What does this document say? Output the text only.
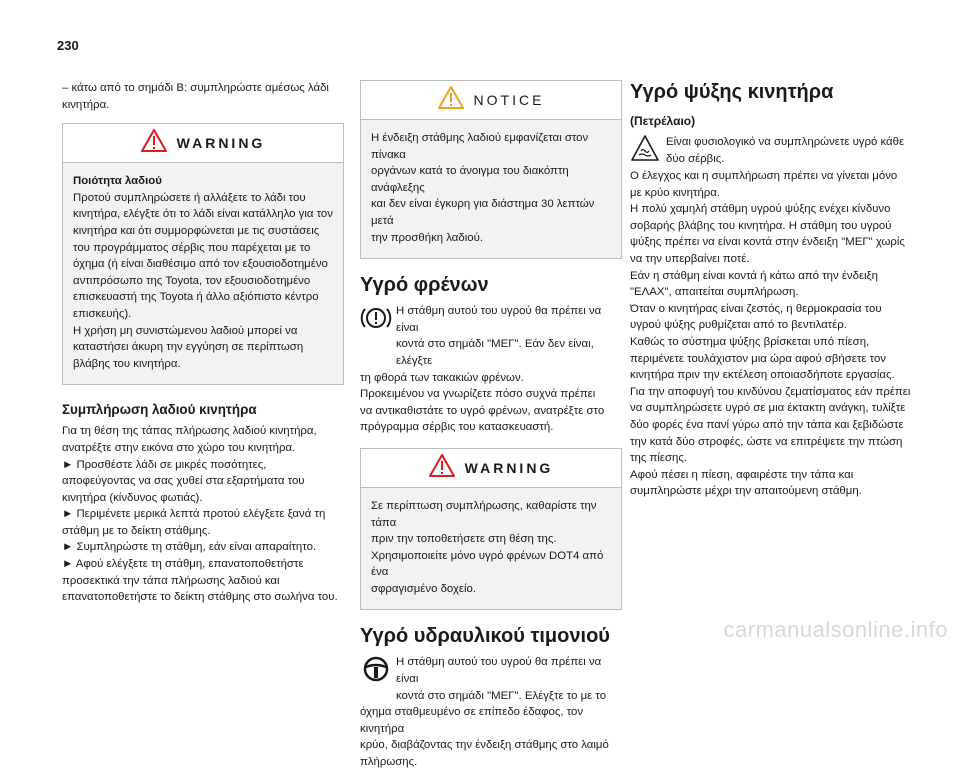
230
– κάτω από το σημάδι B: συμπληρώστε αμέσως λάδι
κινητήρα.
WARNING

Ποιότητα λαδιού

Προτού συμπληρώσετε ή αλλάξετε το λάδι του
κινητήρα, ελέγξτε ότι το λάδι είναι κατάλληλο για τον
κινητήρα και ότι συμμορφώνεται με τις συστάσεις
του προγράμματος σέρβις που παρέχεται με το
όχημα (ή είναι διαθέσιμο από τον εξουσιοδοτημένο
αντιπρόσωπο της Toyota, τον εξουσιοδοτημένο
επισκευαστή της Toyota ή άλλο αξιόπιστο κέντρο
επισκευής).
Η χρήση μη συνιστώμενου λαδιού μπορεί να
καταστήσει άκυρη την εγγύηση σε περίπτωση
βλάβης του κινητήρα.
Συμπλήρωση λαδιού κινητήρα
Για τη θέση της τάπας πλήρωσης λαδιού κινητήρα,
ανατρέξτε στην εικόνα στο χώρο του κινητήρα.
► Προσθέστε λάδι σε μικρές ποσότητες,
αποφεύγοντας να σας χυθεί στα εξαρτήματα του
κινητήρα (κίνδυνος φωτιάς).
► Περιμένετε μερικά λεπτά προτού ελέγξετε ξανά τη
στάθμη με το δείκτη στάθμης.
► Συμπληρώστε τη στάθμη, εάν είναι απαραίτητο.
► Αφού ελέγξετε τη στάθμη, επανατοποθετήστε
προσεκτικά την τάπα πλήρωσης λαδιού και
επανατοποθετήστε το δείκτη στάθμης στο σωλήνα του.
NOTICE
Η ένδειξη στάθμης λαδιού εμφανίζεται στον πίνακα
οργάνων κατά το άνοιγμα του διακόπτη ανάφλεξης
και δεν είναι έγκυρη για διάστημα 30 λεπτών μετά
την προσθήκη λαδιού.
Υγρό φρένων
Η στάθμη αυτού του υγρού θα πρέπει να είναι
κοντά στο σημάδι "MΕΓ". Εάν δεν είναι, ελέγξτε
τη φθορά των τακακιών φρένων.
Προκειμένου να γνωρίζετε πόσο συχνά πρέπει
να αντικαθιστάτε το υγρό φρένων, ανατρέξτε στο
πρόγραμμα σέρβις του κατασκευαστή.
WARNING
Σε περίπτωση συμπλήρωσης, καθαρίστε την τάπα
πριν την τοποθετήσετε στη θέση της.
Χρησιμοποιείτε μόνο υγρό φρένων DOT4 από ένα
σφραγισμένο δοχείο.
Υγρό υδραυλικού τιμονιού
Η στάθμη αυτού του υγρού θα πρέπει να είναι
κοντά στο σημάδι "MΕΓ". Ελέγξτε το με το
όχημα σταθμευμένο σε επίπεδο έδαφος, τον κινητήρα
κρύο, διαβάζοντας την ένδειξη στάθμης στο λαιμό
πλήρωσης.
Υγρό ψύξης κινητήρα
(Πετρέλαιο)
Είναι φυσιολογικό να συμπληρώνετε υγρό κάθε
δύο σέρβις.
Ο έλεγχος και η συμπλήρωση πρέπει να γίνεται μόνο
με κρύο κινητήρα.
Η πολύ χαμηλή στάθμη υγρού ψύξης ενέχει κίνδυνο
σοβαρής βλάβης του κινητήρα. Η στάθμη του υγρού
ψύξης πρέπει να είναι κοντά στην ένδειξη "MΕΓ" χωρίς
να την υπερβαίνει ποτέ.
Εάν η στάθμη είναι κοντά ή κάτω από την ένδειξη
"ΕΛΑΧ", απαιτείται συμπλήρωση.
Όταν ο κινητήρας είναι ζεστός, η θερμοκρασία του
υγρού ψύξης ρυθμίζεται από το βεντιλατέρ.
Καθώς το σύστημα ψύξης βρίσκεται υπό πίεση,
περιμένετε τουλάχιστον μια ώρα αφού σβήσετε τον
κινητήρα πριν την εκτέλεση οποιασδήποτε εργασίας.
Για την αποφυγή του κινδύνου ζεματίσματος εάν πρέπει
να συμπληρώσετε υγρό σε μια έκτακτη ανάγκη, τυλίξτε
δύο φορές ένα πανί γύρω από την τάπα και ξεβιδώστε
την κατά δύο στροφές, ώστε να επιτρέψετε την πτώση
της πίεσης.
Αφού πέσει η πίεση, αφαιρέστε την τάπα και
συμπληρώστε μέχρι την απαιτούμενη στάθμη.
carmanualsonline.info
